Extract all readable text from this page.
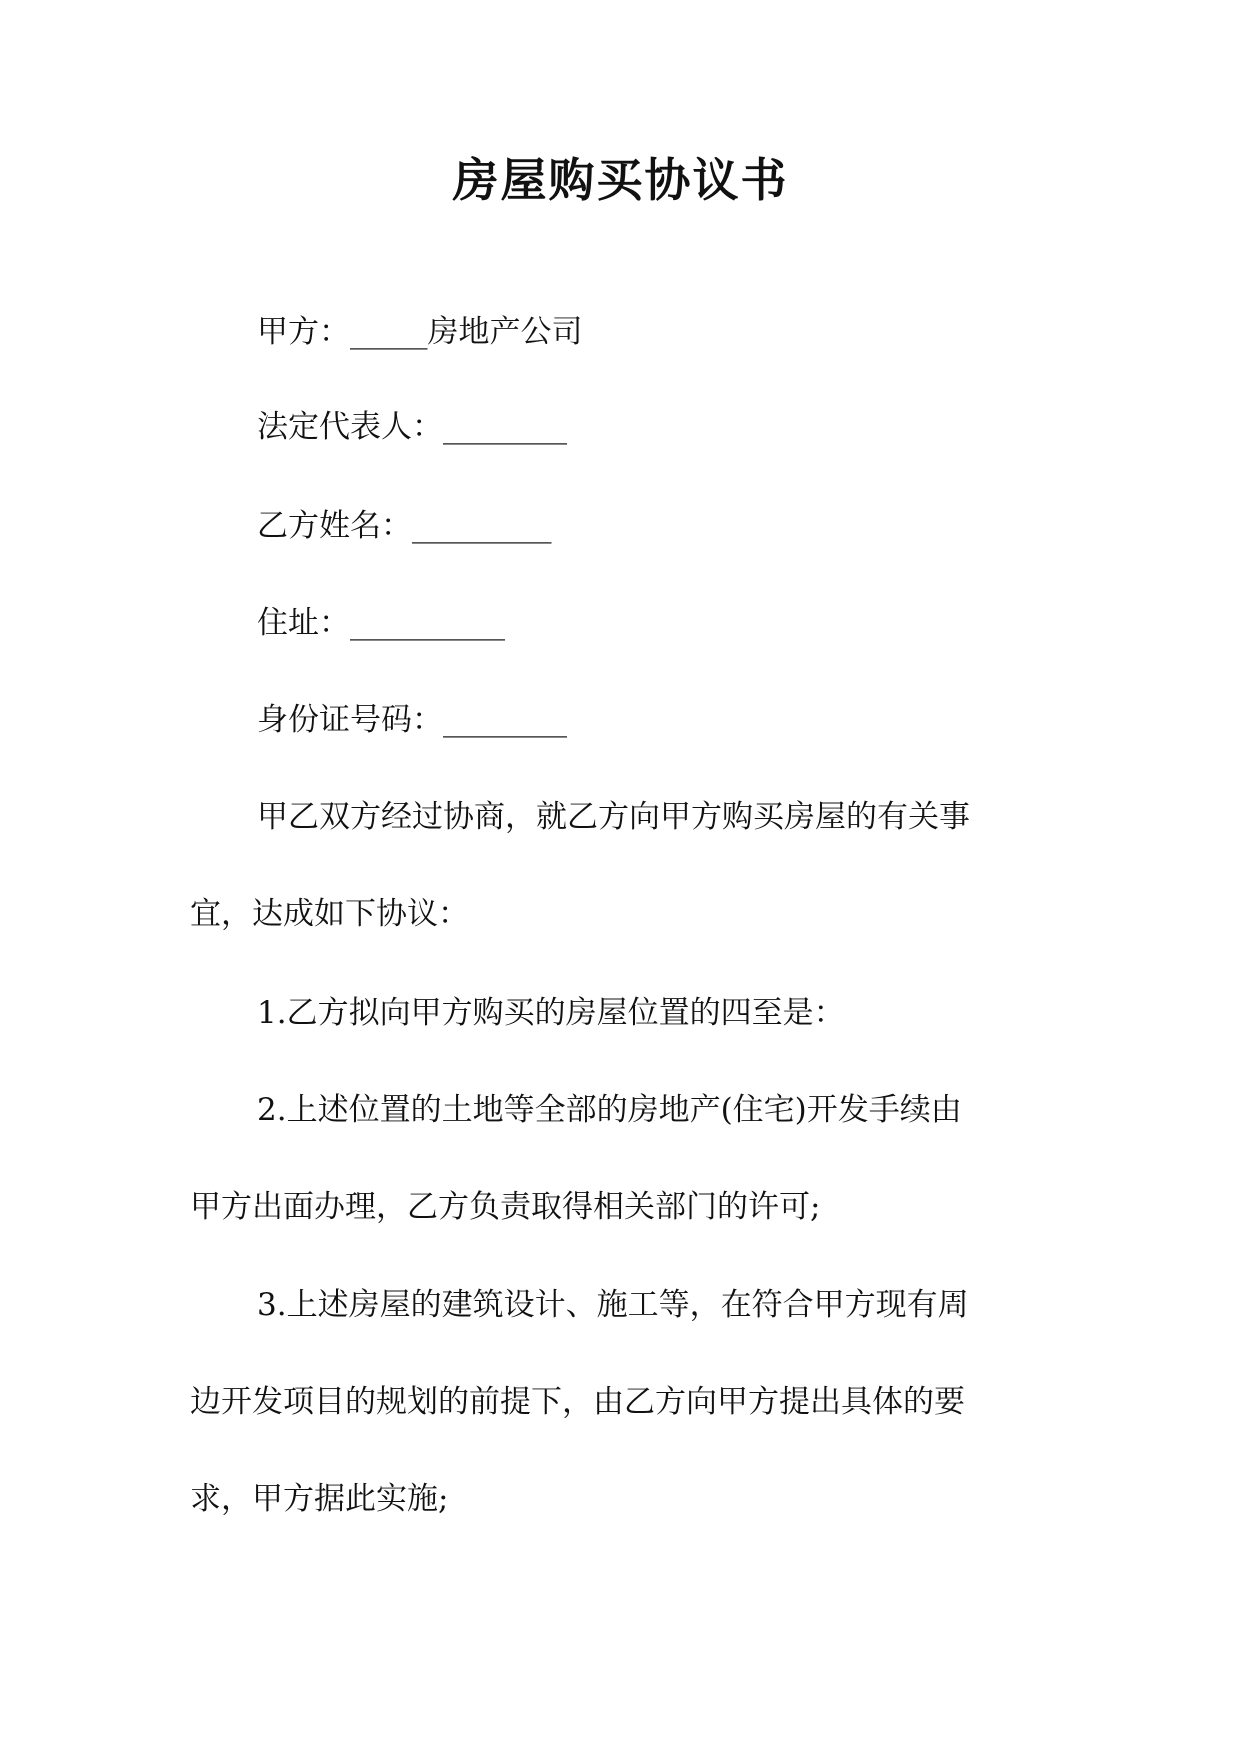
房屋购买协议书
甲方：_____房地产公司
法定代表人：________
乙方姓名：_________
住址：__________
身份证号码：________
甲乙双方经过协商，就乙方向甲方购买房屋的有关事
宜，达成如下协议：
1.乙方拟向甲方购买的房屋位置的四至是：
2.上述位置的土地等全部的房地产(住宅)开发手续由
甲方出面办理，乙方负责取得相关部门的许可;
3.上述房屋的建筑设计、施工等，在符合甲方现有周
边开发项目的规划的前提下，由乙方向甲方提出具体的要
求，甲方据此实施;
